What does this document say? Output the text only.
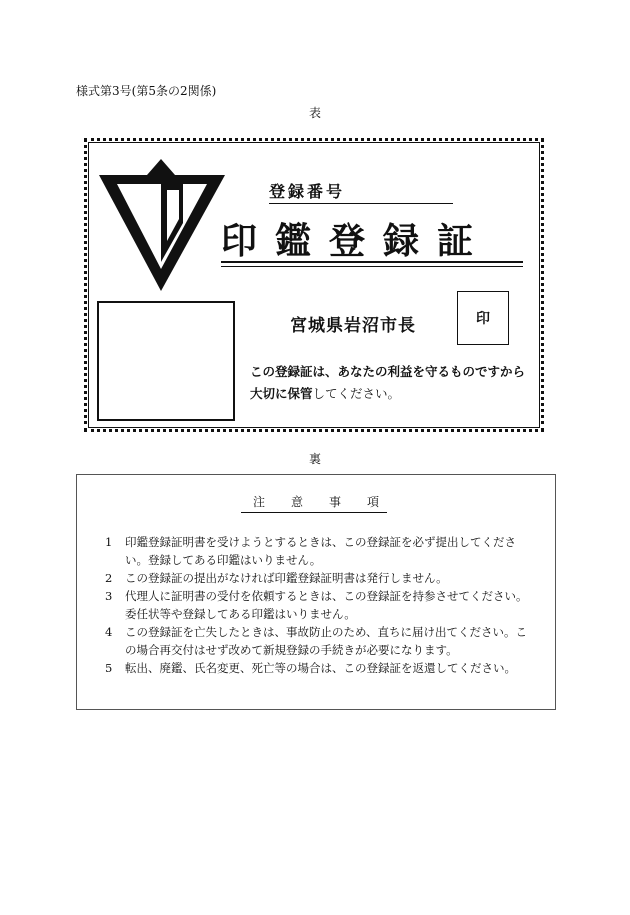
様式第3号(第5条の2関係)
表
登録番号
印鑑登録証
宮城県岩沼市長	印
この登録証は、あなたの利益を守るものですから
大切に保管してください。
裏
注意事項
1	印鑑登録証明書を受けようとするときは、この登録証を必ず提出してください。登録してある印鑑はいりません。
2	この登録証の提出がなければ印鑑登録証明書は発行しません。
3	代理人に証明書の受付を依頼するときは、この登録証を持参させてください。委任状等や登録してある印鑑はいりません。
4	この登録証を亡失したときは、事故防止のため、直ちに届け出てください。この場合再交付はせず改めて新規登録の手続きが必要になります。
5	転出、廃鑑、氏名変更、死亡等の場合は、この登録証を返還してください。
